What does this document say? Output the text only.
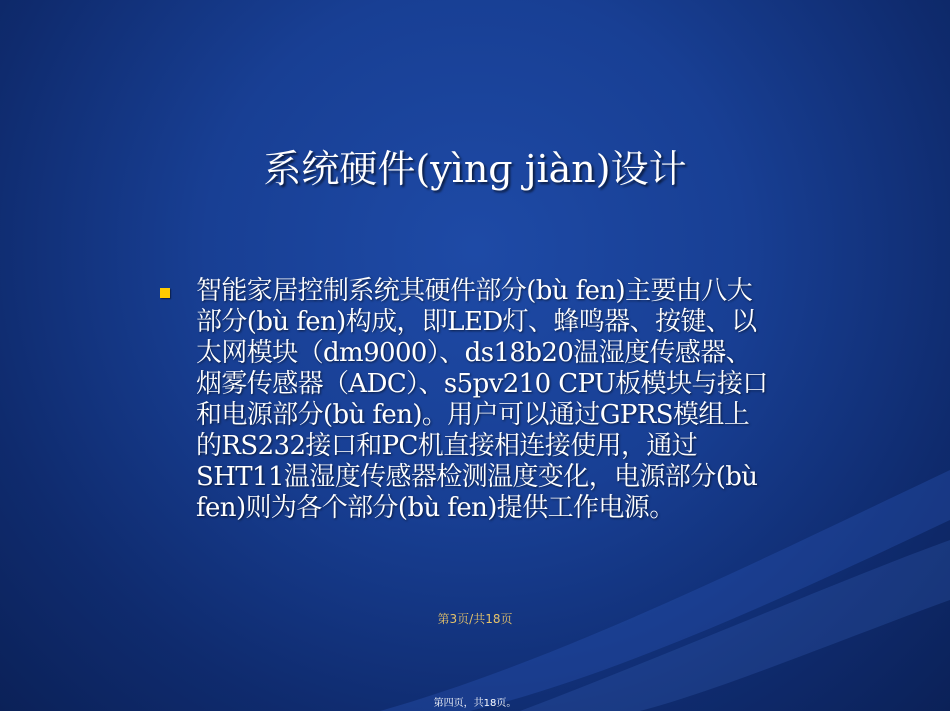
系统硬件(yìnɡ jiàn)设计
智能家居控制系统其硬件部分(bù fen)主要由八大部分(bù fen)构成，即LED灯、蜂鸣器、按键、以太网模块（dm9000）、ds18b20温湿度传感器、烟雾传感器（ADC）、s5pv210 CPU板模块与接口和电源部分(bù fen)。用户可以通过GPRS模组上的RS232接口和PC机直接相连接使用，通过SHT11温湿度传感器检测温度变化，电源部分(bù fen)则为各个部分(bù fen)提供工作电源。
第3页/共18页
第四页，共18页。
